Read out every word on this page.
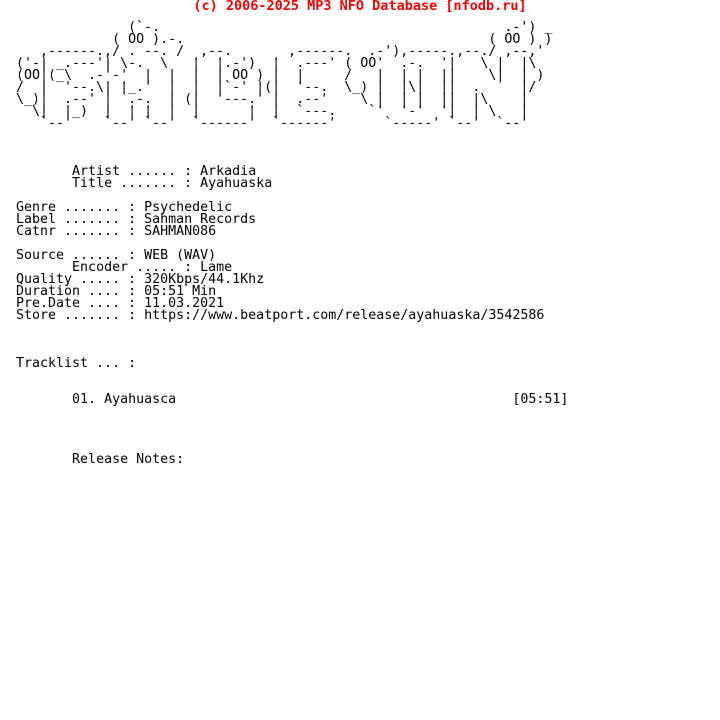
(c) 2006-2025 MP3 NFO Database [nfodb.ru]
(`-.                                           .-') _
( OO ).-.                                      ( OO ) )
,------.,/ . --. /  ,--.       ,------.  .-'),-----.,--./ ,--,'
('-| _.---'| \-.  \   |  |.-')  |  .---' ( OO'  .-.  '|   \ |  |\
(OO|(_\  .-'-'  |  |  |  | OO ) |  |     /   |  | |  ||    \|  | )
/  |  '--.\| |_.'  |  |  |`-' |(|  '--.  \_) |  |\|  ||  .     |/
\_)|  .--' |  .-.  | (|  '---.' |  .--'    \ |  | |  ||  |\    |
\|  |_)  |  | |  |  |      |  |  `---.    `'  '-'  '|  | \   |
`--'    `--' `--'  `------'  `------'      `-----' `--'  `--'

Artist ...... : Arkadia
Title ....... : Ayahuaska

Genre ....... : Psychedelic
Label ....... : Sahman Records
Catnr ....... : SAHMAN086

Source ...... : WEB (WAV)
Encoder ..... : Lame
Quality ..... : 320Kbps/44.1Khz
Duration .... : 05:51 Min
Pre.Date .... : 11.03.2021
Store ....... : https://www.beatport.com/release/ayahuaska/3542586

Tracklist ... :

01. Ayahuasca	[05:51]

Release Notes:
